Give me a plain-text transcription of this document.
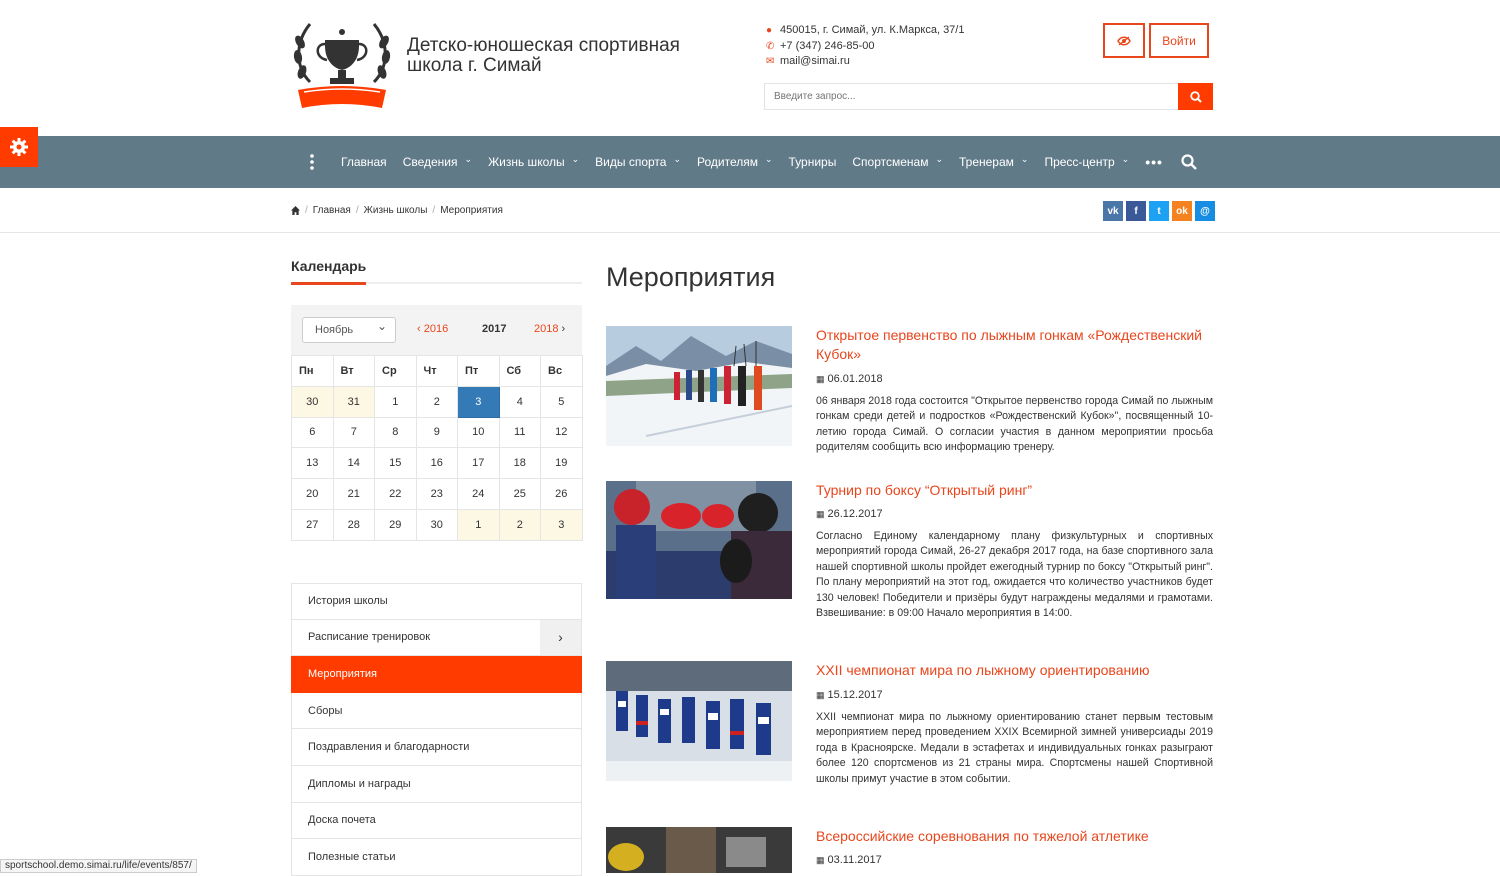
Детско-юношеская спортивная
школа г. Симай
● 450015, г. Симай, ул. К.Маркса, 37/1
✆ +7 (347) 246-85-00
✉ mail@simai.ru
Войти
Введите запрос...
Главная Сведения ⌄ Жизнь школы ⌄ Виды спорта ⌄ Родителям ⌄ Турниры Спортсменам ⌄ Тренерам ⌄ Пресс-центр ⌄ •••
/ Главная / Жизнь школы / Мероприятия	vk	f	t	ok	@
Календарь
Ноябрь ⌄	‹ 2016	2017	2018 ›
Пн	Вт	Ср	Чт	Пт	Сб	Вс
30	31	1	2	3	4	5
6	7	8	9	10	11	12
13	14	15	16	17	18	19
20	21	22	23	24	25	26
27	28	29	30	1	2	3
История школы
Расписание тренировок	›
Мероприятия
Сборы
Поздравления и благодарности
Дипломы и награды
Доска почета
Полезные статьи
Мероприятия
Открытое первенство по лыжным гонкам «Рождественский Кубок»
▦ 06.01.2018
06 января 2018 года состоится "Открытое первенство города Симай по лыжным гонкам среди детей и подростков «Рождественский Кубок»", посвященный 10- летию города Симай. О согласии участия в данном мероприятии просьба родителям сообщить всю информацию тренеру.
Турнир по боксу “Открытый ринг”
▦ 26.12.2017
Согласно Единому календарному плану физкультурных и спортивных мероприятий города Симай, 26-27 декабря 2017 года, на базе спортивного зала нашей спортивной школы пройдет ежегодный турнир по боксу "Открытый ринг". По плану мероприятий на этот год, ожидается что количество участников будет 130 человек! Победители и призёры будут награждены медалями и грамотами. Взвешивание: в 09:00 Начало мероприятия в 14:00.
XXII чемпионат мира по лыжному ориентированию
▦ 15.12.2017
XXII чемпионат мира по лыжному ориентированию станет первым тестовым мероприятием перед проведением XXIX Всемирной зимней универсиады 2019 года в Красноярске. Медали в эстафетах и индивидуальных гонках разыграют более 120 спортсменов из 21 страны мира. Спортсмены нашей Спортивной школы примут участие в этом событии.
Всероссийские соревнования по тяжелой атлетике
▦ 03.11.2017
sportschool.demo.simai.ru/life/events/857/
